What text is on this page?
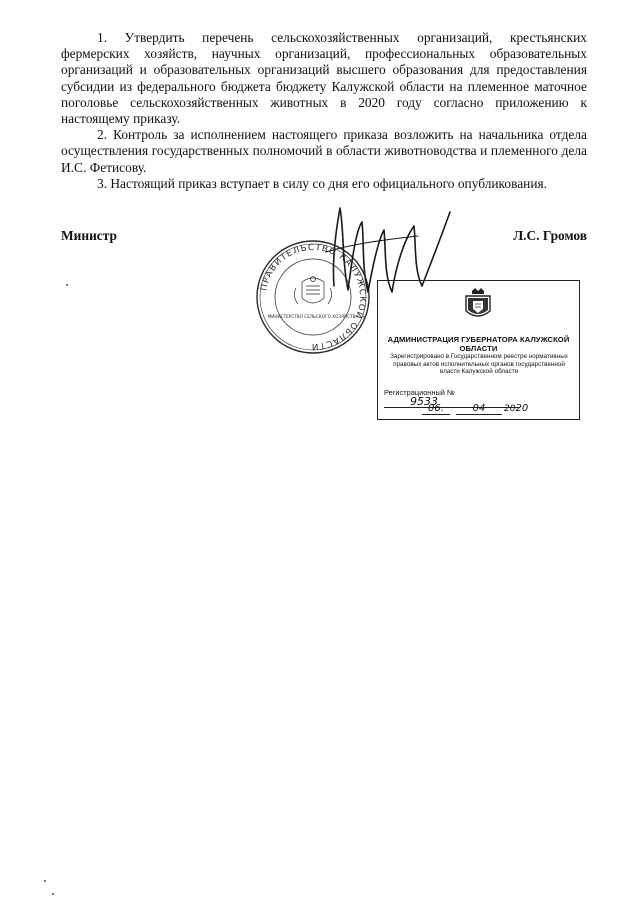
1. Утвердить перечень сельскохозяйственных организаций, крестьянских фермерских хозяйств, научных организаций, профессиональных образовательных организаций и образовательных организаций высшего образования для предоставления субсидии из федерального бюджета бюджету Калужской области на племенное маточное поголовье сельскохозяйственных животных в 2020 году согласно приложению к настоящему приказу.

2. Контроль за исполнением настоящего приказа возложить на начальника отдела осуществления государственных полномочий в области животноводства и племенного дела И.С. Фетисову.

3. Настоящий приказ вступает в силу со дня его официального опубликования.

Министр	Л.С. Громов
ПРАВИТЕЛЬСТВО КАЛУЖСКОЙ ОБЛАСТИ
МИНИСТЕРСТВО СЕЛЬСКОГО ХОЗЯЙСТВА
АДМИНИСТРАЦИЯ ГУБЕРНАТОРА КАЛУЖСКОЙ ОБЛАСТИ
Зарегистрировано в Государственном реестре нормативных правовых актов исполнительных органов государственной власти Калужской области
Регистрационный №9533
06.	04 2020
